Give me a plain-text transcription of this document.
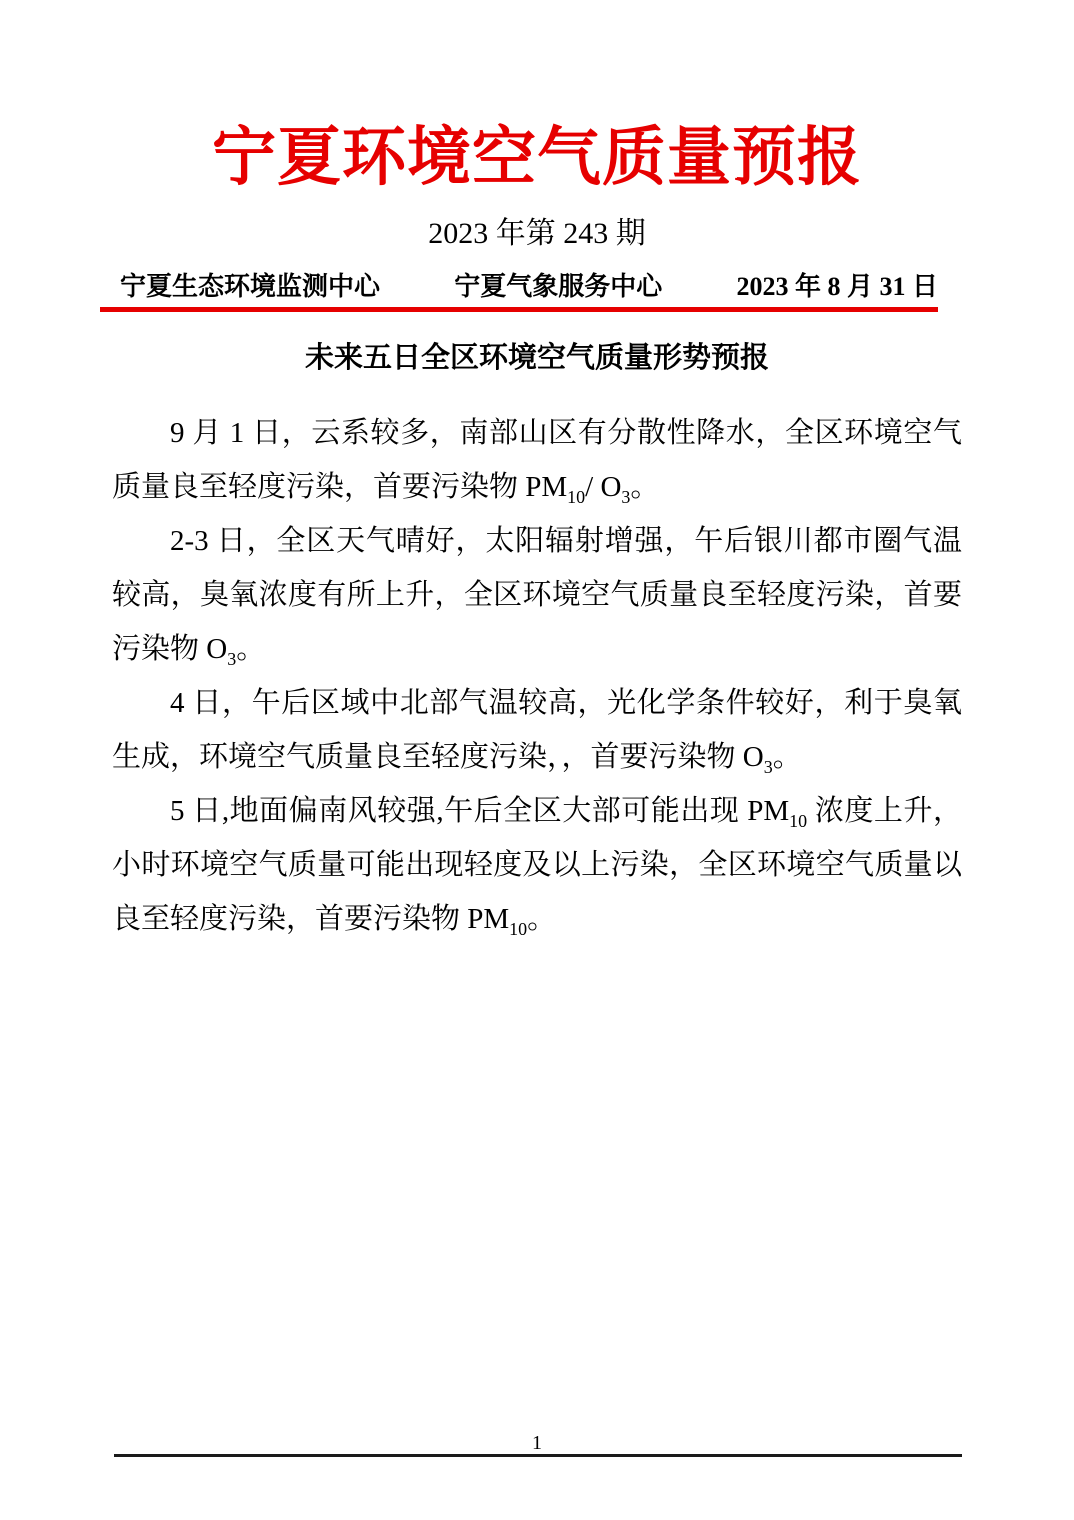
宁夏环境空气质量预报
2023 年第 243 期
宁夏生态环境监测中心	宁夏气象服务中心	2023 年 8 月 31 日
未来五日全区环境空气质量形势预报

9 月 1 日，云系较多，南部山区有分散性降水，全区环境空气质量良至轻度污染，首要污染物 $PM_{10}/$ $O_3$。

2-3 日，全区天气晴好，太阳辐射增强，午后银川都市圈气温较高，臭氧浓度有所上升，全区环境空气质量良至轻度污染，首要污染物 $O_3$。

4 日，午后区域中北部气温较高，光化学条件较好，利于臭氧生成，环境空气质量良至轻度污染，，首要污染物 $O_3$。

5 日,地面偏南风较强,午后全区大部可能出现 $PM_{10}$ 浓度上升，小时环境空气质量可能出现轻度及以上污染，全区环境空气质量以良至轻度污染，首要污染物 $PM_{10}$。

1
